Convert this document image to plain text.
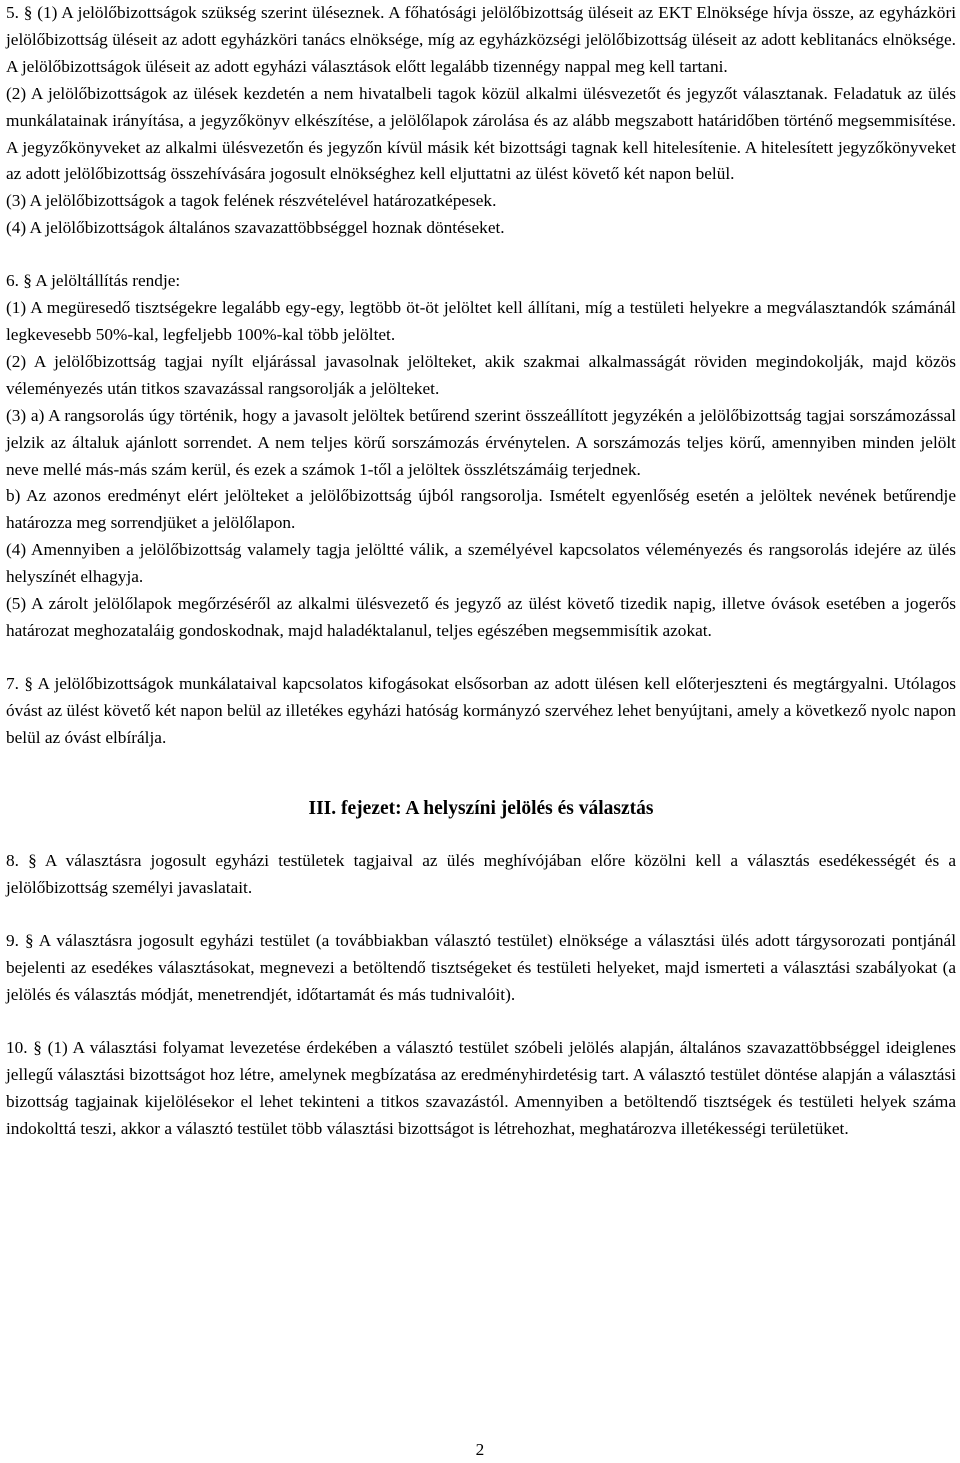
5. § (1) A jelölőbizottságok szükség szerint üléseznek. A főhatósági jelölőbizottság üléseit az EKT Elnöksége hívja össze, az egyházköri jelölőbizottság üléseit az adott egyházköri tanács elnöksége, míg az egyházközségi jelölőbizottság üléseit az adott keblitanács elnöksége. A jelölőbizottságok üléseit az adott egyházi választások előtt legalább tizennégy nappal meg kell tartani.

(2) A jelölőbizottságok az ülések kezdetén a nem hivatalbeli tagok közül alkalmi ülésvezetőt és jegyzőt választanak. Feladatuk az ülés munkálatainak irányítása, a jegyzőkönyv elkészítése, a jelölőlapok zárolása és az alább megszabott határidőben történő megsemmisítése. A jegyzőkönyveket az alkalmi ülésvezetőn és jegyzőn kívül másik két bizottsági tagnak kell hitelesítenie. A hitelesített jegyzőkönyveket az adott jelölőbizottság összehívására jogosult elnökséghez kell eljuttatni az ülést követő két napon belül.

(3) A jelölőbizottságok a tagok felének részvételével határozatképesek.

(4) A jelölőbizottságok általános szavazattöbbséggel hoznak döntéseket.

6. § A jelöltállítás rendje:

(1) A megüresedő tisztségekre legalább egy-egy, legtöbb öt-öt jelöltet kell állítani, míg a testületi helyekre a megválasztandók számánál legkevesebb 50%-kal, legfeljebb 100%-kal több jelöltet.

(2) A jelölőbizottság tagjai nyílt eljárással javasolnak jelölteket, akik szakmai alkalmasságát röviden megindokolják, majd közös véleményezés után titkos szavazással rangsorolják a jelölteket.

(3) a) A rangsorolás úgy történik, hogy a javasolt jelöltek betűrend szerint összeállított jegyzékén a jelölőbizottság tagjai sorszámozással jelzik az általuk ajánlott sorrendet. A nem teljes körű sorszámozás érvénytelen. A sorszámozás teljes körű, amennyiben minden jelölt neve mellé más-más szám kerül, és ezek a számok 1-től a jelöltek összlétszámáig terjednek.

b) Az azonos eredményt elért jelölteket a jelölőbizottság újból rangsorolja. Ismételt egyenlőség esetén a jelöltek nevének betűrendje határozza meg sorrendjüket a jelölőlapon.

(4) Amennyiben a jelölőbizottság valamely tagja jelöltté válik, a személyével kapcsolatos véleményezés és rangsorolás idejére az ülés helyszínét elhagyja.

(5) A zárolt jelölőlapok megőrzéséről az alkalmi ülésvezető és jegyző az ülést követő tizedik napig, illetve óvások esetében a jogerős határozat meghozataláig gondoskodnak, majd haladéktalanul, teljes egészében megsemmisítik azokat.

7. § A jelölőbizottságok munkálataival kapcsolatos kifogásokat elsősorban az adott ülésen kell előterjeszteni és megtárgyalni. Utólagos óvást az ülést követő két napon belül az illetékes egyházi hatóság kormányzó szervéhez lehet benyújtani, amely a következő nyolc napon belül az óvást elbírálja.

III. fejezet: A helyszíni jelölés és választás

8. § A választásra jogosult egyházi testületek tagjaival az ülés meghívójában előre közölni kell a választás esedékességét és a jelölőbizottság személyi javaslatait.

9. § A választásra jogosult egyházi testület (a továbbiakban választó testület) elnöksége a választási ülés adott tárgysorozati pontjánál bejelenti az esedékes választásokat, megnevezi a betöltendő tisztségeket és testületi helyeket, majd ismerteti a választási szabályokat (a jelölés és választás módját, menetrendjét, időtartamát és más tudnivalóit).

10. § (1) A választási folyamat levezetése érdekében a választó testület szóbeli jelölés alapján, általános szavazattöbbséggel ideiglenes jellegű választási bizottságot hoz létre, amelynek megbízatása az eredményhirdetésig tart. A választó testület döntése alapján a választási bizottság tagjainak kijelölésekor el lehet tekinteni a titkos szavazástól. Amennyiben a betöltendő tisztségek és testületi helyek száma indokolttá teszi, akkor a választó testület több választási bizottságot is létrehozhat, meghatározva illetékességi területüket.

2
